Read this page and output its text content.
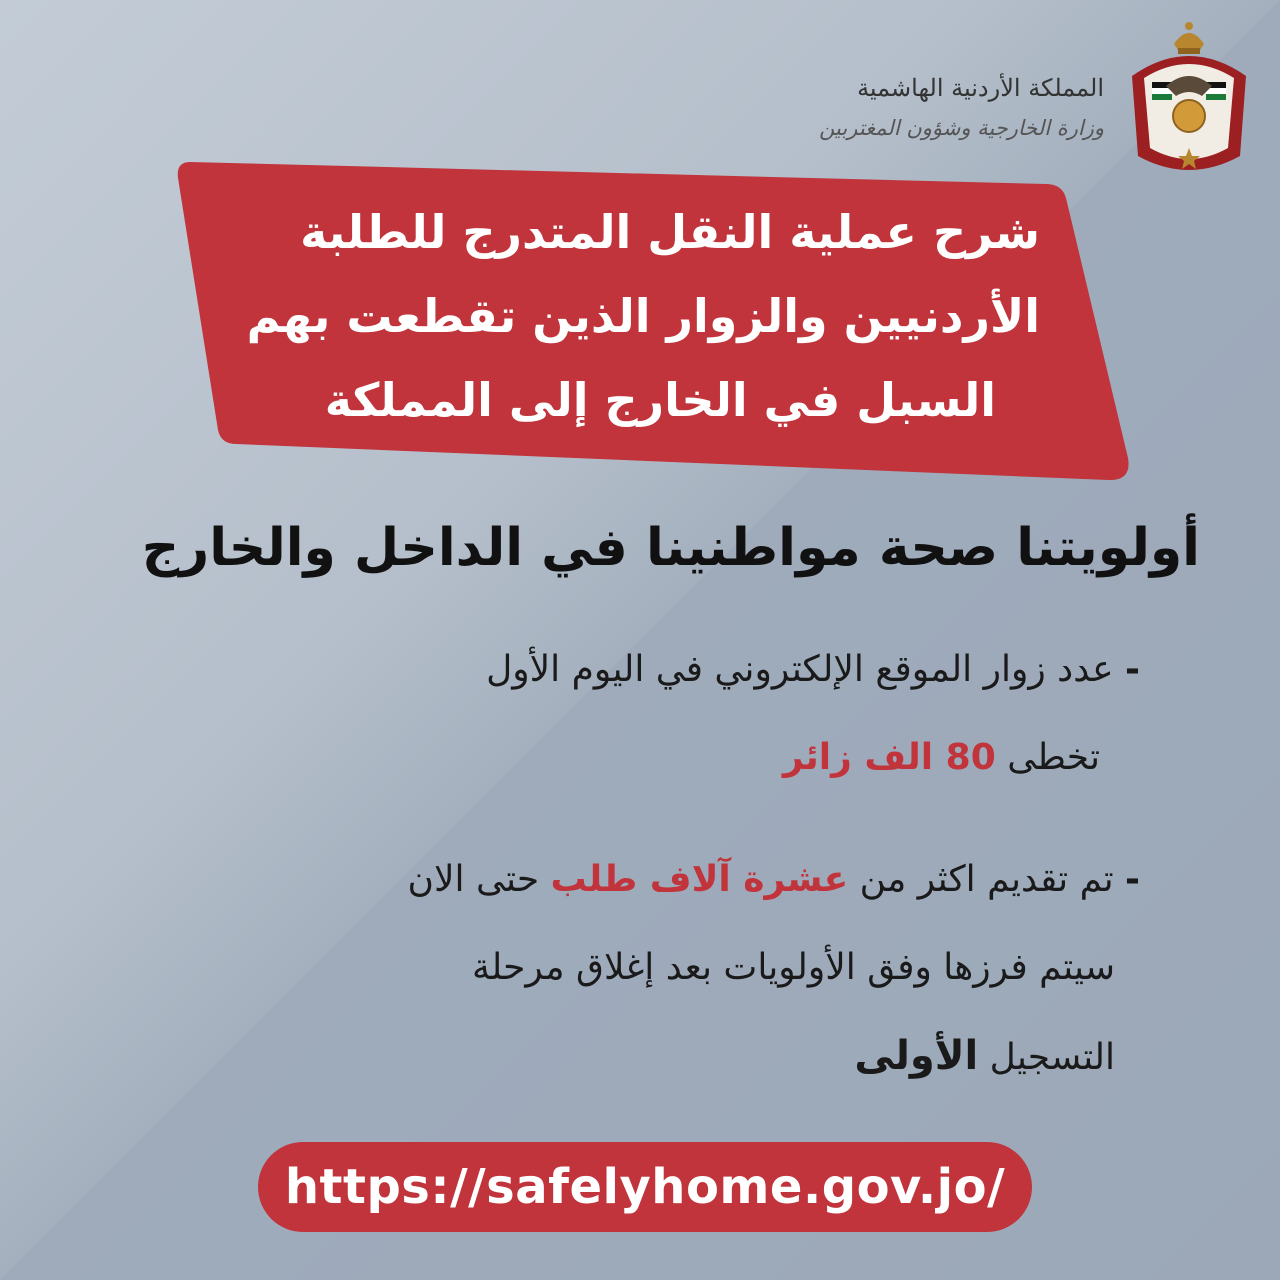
المملكة الأردنية الهاشمية
وزارة الخارجية وشؤون المغتربين
شرح عملية النقل المتدرج للطلبة
الأردنيين والزوار الذين تقطعت بهم
السبل في الخارج إلى المملكة
أولويتنا صحة مواطنينا في الداخل والخارج
- عدد زوار الموقع الإلكتروني في اليوم الأول
تخطى 80 الف زائر
- تم تقديم اكثر من عشرة آلاف طلب حتى الان
سيتم فرزها وفق الأولويات بعد إغلاق مرحلة
التسجيل الأولى
https://safelyhome.gov.jo/
